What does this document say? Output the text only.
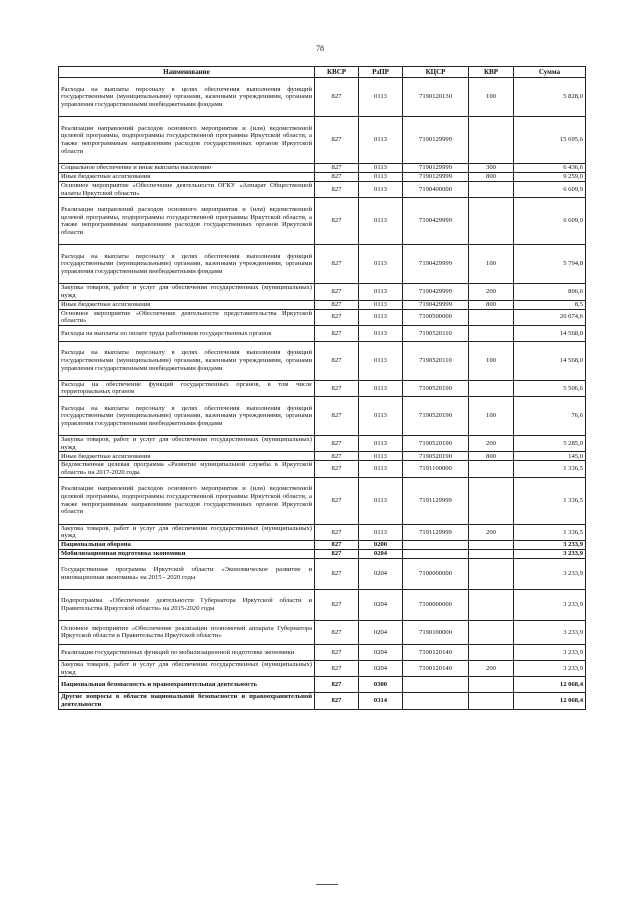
78
Наименование	КВСР	РзПР	КЦСР	КВР	Сумма
Расходы на выплаты персоналу в целях обеспечения выполнения функций государственными (муниципальными) органами, казенными учреждениями, органами управления государственными внебюджетными фондами	827	0113	7190120130	100	5 828,0
Реализация направлений расходов основного мероприятия и (или) ведомственной целевой программы, подпрограммы государственной программы Иркутской области, а также непрограммным направлениям расходов государственных органов Иркутской области	827	0113	7190129999		15 695,6
Социальное обеспечение и иные выплаты населению	827	0113	7190129999	300	6 436,6
Иные бюджетные ассигнования	827	0113	7190129999	800	9 259,0
Основное мероприятие «Обеспечение деятельности ОГКУ «Аппарат Общественной палаты Иркутской области»	827	0113	7190400000		6 609,9
Реализация направлений расходов основного мероприятия и (или) ведомственной целевой программы, подпрограммы государственной программы Иркутской области, а также непрограммным направлениям расходов государственных органов Иркутской области	827	0113	7190429999		6 609,9
Расходы на выплаты персоналу в целях обеспечения выполнения функций государственными (муниципальными) органами, казенными учреждениями, органами управления государственными внебюджетными фондами	827	0113	7190429999	100	5 794,8
Закупка товаров, работ и услуг для обеспечения государственных (муниципальных) нужд	827	0113	7190429999	200	806,6
Иные бюджетные ассигнования	827	0113	7190429999	800	8,5
Основное мероприятие «Обеспечение деятельности представительства Иркутской области»	827	0113	7190500000		20 074,6
Расходы на выплаты по оплате труда работников государственных органов	827	0113	7190520110		14 568,0
Расходы на выплаты персоналу в целях обеспечения выполнения функций государственными (муниципальными) органами, казенными учреждениями, органами управления государственными внебюджетными фондами	827	0113	7190520110	100	14 568,0
Расходы на обеспечение функций государственных органов, в том числе территориальных органов	827	0113	7190520190		5 506,6
Расходы на выплаты персоналу в целях обеспечения выполнения функций государственными (муниципальными) органами, казенными учреждениями, органами управления государственными внебюджетными фондами	827	0113	7190520190	100	76,6
Закупка товаров, работ и услуг для обеспечения государственных (муниципальных) нужд	827	0113	7190520190	200	5 285,0
Иные бюджетные ассигнования	827	0113	7190520190	800	145,0
Ведомственная целевая программа «Развитие муниципальной службы в Иркутской области» на 2017-2020 годы	827	0113	7191100000		1 336,5
Реализация направлений расходов основного мероприятия и (или) ведомственной целевой программы, подпрограммы государственной программы Иркутской области, а также непрограммным направлениям расходов государственных органов Иркутской области	827	0113	7191129999		1 336,5
Закупка товаров, работ и услуг для обеспечения государственных (муниципальных) нужд	827	0113	7191129999	200	1 336,5
Национальная оборона	827	0200			3 233,9
Мобилизационная подготовка экономики	827	0204			3 233,9
Государственная программа Иркутской области «Экономическое развитие и инновационная экономика» на 2015 - 2020 годы	827	0204	7100000000		3 233,9
Подпрограмма «Обеспечение деятельности Губернатора Иркутской области и Правительства Иркутской области» на 2015-2020 годы	827	0204	7190000000		3 233,9
Основное мероприятие «Обеспечение реализации полномочий аппарата Губернатора Иркутской области и Правительства Иркутской области»	827	0204	7190100000		3 233,9
Реализация государственных функций по мобилизационной подготовке экономики	827	0204	7190120140		3 233,9
Закупка товаров, работ и услуг для обеспечения государственных (муниципальных) нужд	827	0204	7190120140	200	3 233,9
Национальная безопасность и правоохранительная деятельность	827	0300			12 068,4
Другие вопросы в области национальной безопасности и правоохранительной деятельности	827	0314			12 068,4
